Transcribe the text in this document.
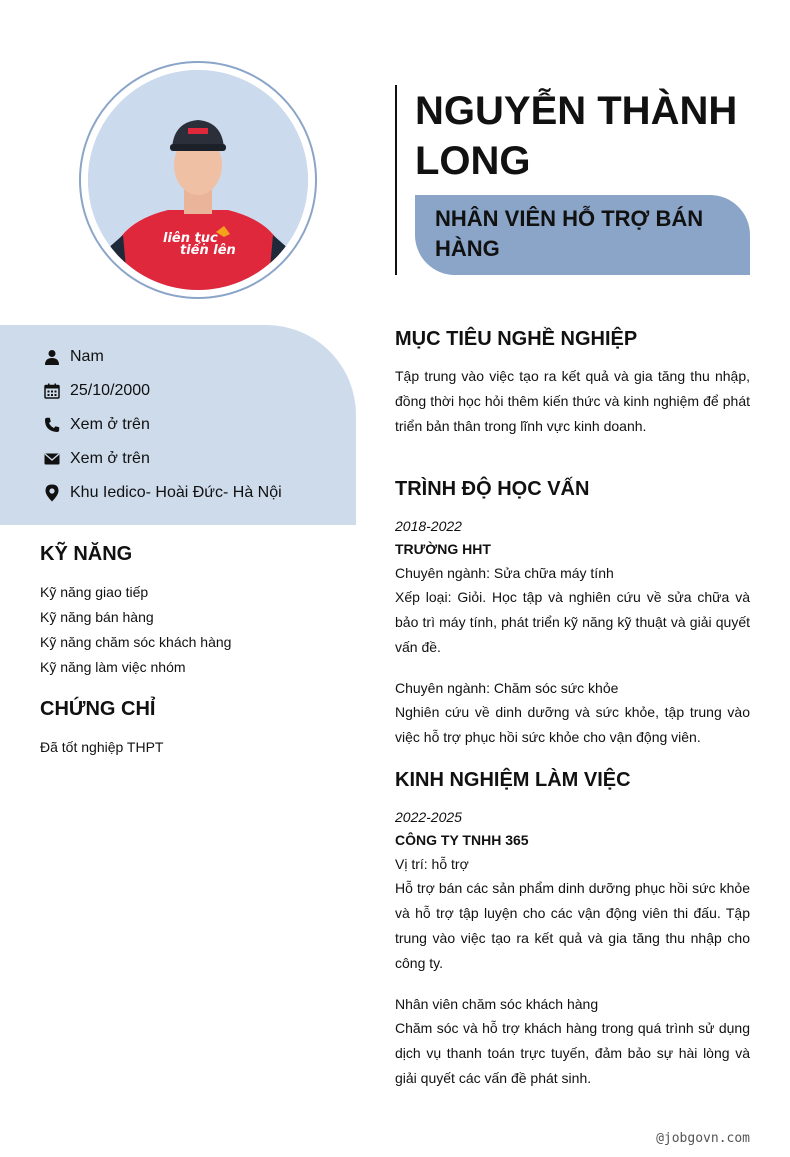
liên tục
tiến lên
Nam
25/10/2000
Xem ở trên
Xem ở trên
Khu Iedico- Hoài Đức- Hà Nội
KỸ NĂNG
Kỹ năng giao tiếp
Kỹ năng bán hàng
Kỹ năng chăm sóc khách hàng
Kỹ năng làm việc nhóm
CHỨNG CHỈ
Đã tốt nghiệp THPT
NGUYỄN THÀNH LONG
NHÂN VIÊN HỖ TRỢ BÁN HÀNG
MỤC TIÊU NGHỀ NGHIỆP
Tập trung vào việc tạo ra kết quả và gia tăng thu nhập, đồng thời học hỏi thêm kiến thức và kinh nghiệm để phát triển bản thân trong lĩnh vực kinh doanh.
TRÌNH ĐỘ HỌC VẤN
2018-2022
TRƯỜNG HHT
Chuyên ngành: Sửa chữa máy tính
Xếp loại: Giỏi. Học tập và nghiên cứu về sửa chữa và bảo trì máy tính, phát triển kỹ năng kỹ thuật và giải quyết vấn đề.
Chuyên ngành: Chăm sóc sức khỏe
Nghiên cứu về dinh dưỡng và sức khỏe, tập trung vào việc hỗ trợ phục hồi sức khỏe cho vận động viên.
KINH NGHIỆM LÀM VIỆC
2022-2025
CÔNG TY TNHH 365
Vị trí: hỗ trợ
Hỗ trợ bán các sản phẩm dinh dưỡng phục hồi sức khỏe và hỗ trợ tập luyện cho các vận động viên thi đấu. Tập trung vào việc tạo ra kết quả và gia tăng thu nhập cho công ty.
Nhân viên chăm sóc khách hàng
Chăm sóc và hỗ trợ khách hàng trong quá trình sử dụng dịch vụ thanh toán trực tuyến, đảm bảo sự hài lòng và giải quyết các vấn đề phát sinh.
@jobgovn.com
